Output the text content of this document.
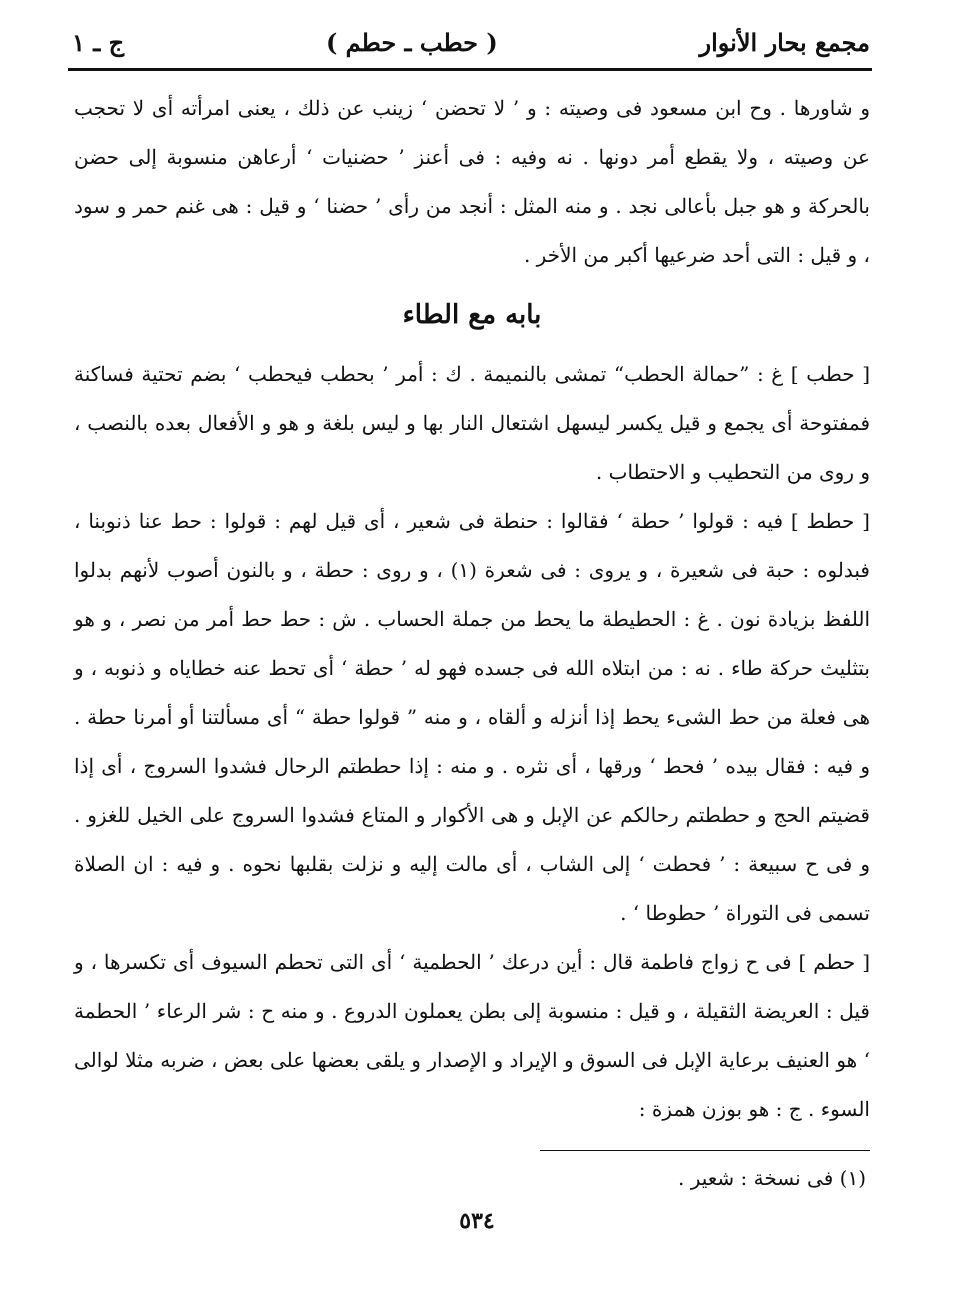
مجمع بحار الأنوار
( حطب ـ حطم )
ج ـ ١

و شاورها . وح ابن مسعود فى وصيته : و ’ لا تحضن ‘ زينب عن ذلك ، يعنى امرأته أى لا تحجب عن وصيته ، ولا يقطع أمر دونها . نه وفيه : فى أعنز ’ حضنيات ‘ أرعاهن منسوبة إلى حضن بالحركة و هو جبل بأعالى نجد . و منه المثل : أنجد من رأى ’ حضنا ‘ و قيل : هى غنم حمر و سود ، و قيل : التى أحد ضرعيها أكبر من الأخر .

بابه مع الطاء

[ حطب ] غ : ”حمالة الحطب“ تمشى بالنميمة . ك : أمر ’ بحطب فيحطب ‘ بضم تحتية فساكنة فمفتوحة أى يجمع و قيل يكسر ليسهل اشتعال النار بها و ليس بلغة و هو و الأفعال بعده بالنصب ، و روى من التحطيب و الاحتطاب .

[ حطط ] فيه : قولوا ’ حطة ‘ فقالوا : حنطة فى شعير ، أى قيل لهم : قولوا : حط عنا ذنوبنا ، فبدلوه : حبة فى شعيرة ، و يروى : فى شعرة (١) ، و روى : حطة ، و بالنون أصوب لأنهم بدلوا اللفظ بزيادة نون . غ : الحطيطة ما يحط من جملة الحساب . ش : حط حط أمر من نصر ، و هو بتثليث حركة طاء . نه : من ابتلاه الله فى جسده فهو له ’ حطة ‘ أى تحط عنه خطاياه و ذنوبه ، و هى فعلة من حط الشىء يحط إذا أنزله و ألقاه ، و منه ” قولوا حطة “ أى مسألتنا أو أمرنا حطة . و فيه : فقال بيده ’ فحط ‘ ورقها ، أى نثره . و منه : إذا حططتم الرحال فشدوا السروج ، أى إذا قضيتم الحج و حططتم رحالكم عن الإبل و هى الأكوار و المتاع فشدوا السروج على الخيل للغزو . و فى ح سبيعة : ’ فحطت ‘ إلى الشاب ، أى مالت إليه و نزلت بقلبها نحوه . و فيه : ان الصلاة تسمى فى التوراة ’ حطوطا ‘ .

[ حطم ] فى ح زواج فاطمة قال : أين درعك ’ الحطمية ‘ أى التى تحطم السيوف أى تكسرها ، و قيل : العريضة الثقيلة ، و قيل : منسوبة إلى بطن يعملون الدروع . و منه ح : شر الرعاء ’ الحطمة ‘ هو العنيف برعاية الإبل فى السوق و الإيراد و الإصدار و يلقى بعضها على بعض ، ضربه مثلا لوالى السوء . ج : هو بوزن همزة :

(١) فى نسخة : شعير .
٥٣٤
